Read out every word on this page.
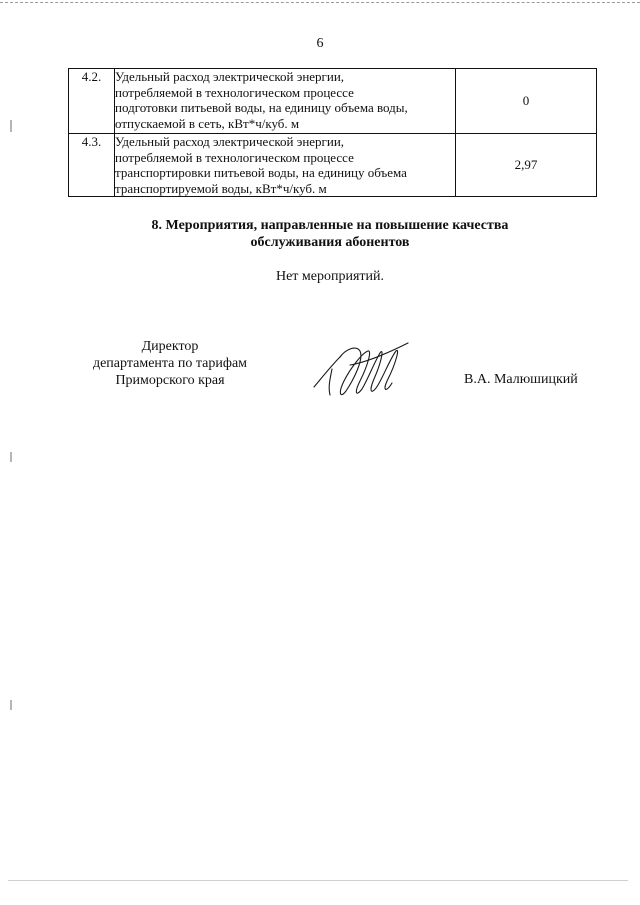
6
4.2.	Удельный расход электрической энергии,
потребляемой в технологическом процессе
подготовки питьевой воды, на единицу объема воды,
отпускаемой в сеть, кВт*ч/куб. м	0
4.3.	Удельный расход электрической энергии,
потребляемой в технологическом процессе
транспортировки питьевой воды, на единицу объема
транспортируемой воды, кВт*ч/куб. м	2,97
8. Мероприятия, направленные на повышение качества
обслуживания абонентов
Нет мероприятий.
Директор
департамента по тарифам
Приморского края	В.А. Малюшицкий
